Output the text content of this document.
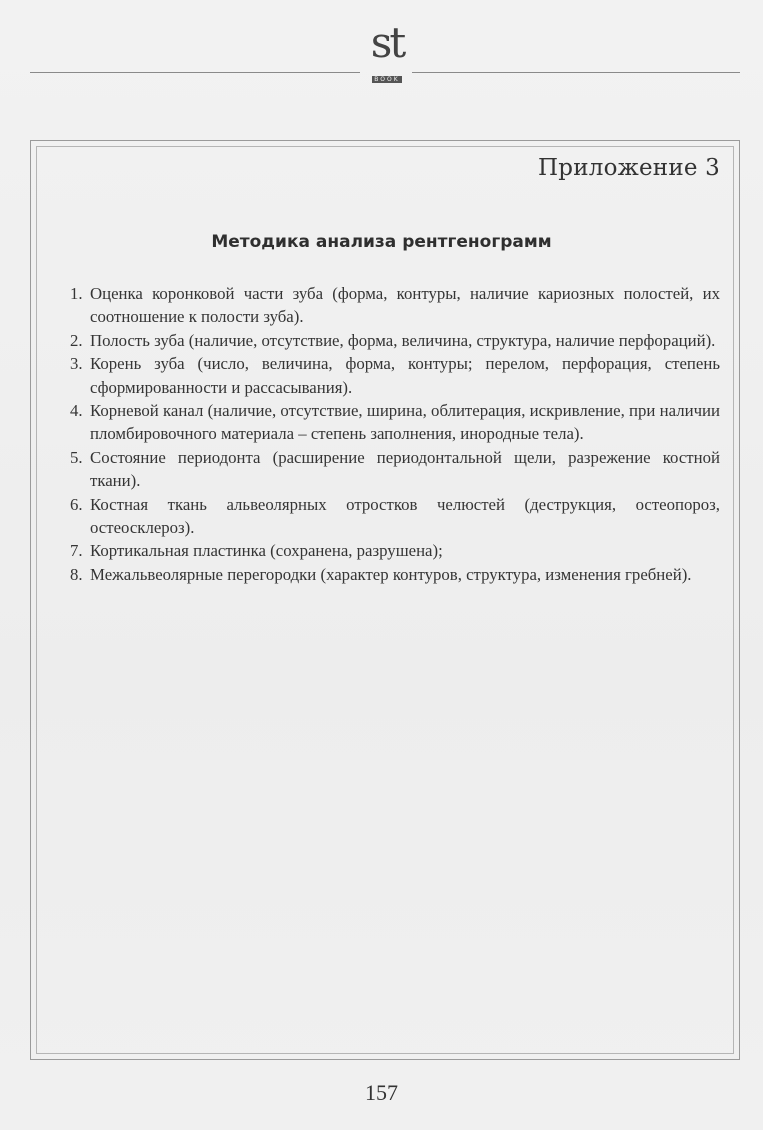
st
BOOK
Приложение 3
Методика анализа рентгенограмм
1. Оценка коронковой части зуба (форма, контуры, наличие кариозных полостей, их соотношение к полости зуба).
2. Полость зуба (наличие, отсутствие, форма, величина, структура, наличие перфораций).
3. Корень зуба (число, величина, форма, контуры; перелом, перфорация, степень сформированности и рассасывания).
4. Корневой канал (наличие, отсутствие, ширина, облитерация, искривление, при наличии пломбировочного материала – степень заполнения, инородные тела).
5. Состояние периодонта (расширение периодонтальной щели, разрежение костной ткани).
6. Костная ткань альвеолярных отростков челюстей (деструкция, остеопороз, остеосклероз).
7. Кортикальная пластинка (сохранена, разрушена);
8. Межальвеолярные перегородки (характер контуров, структура, изменения гребней).
157
